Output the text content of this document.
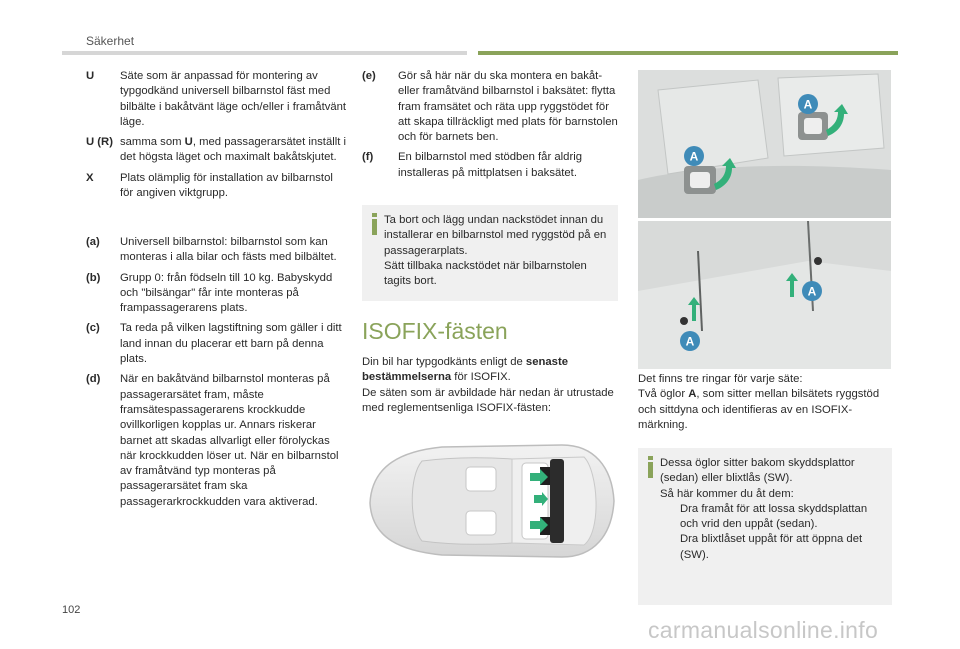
Säkerhet
U	Säte som är anpassad för montering av typgodkänd universell bilbarnstol fäst med bilbälte i bakåtvänt läge och/eller i framåtvänt läge.
U (R) samma som U, med passagerarsätet inställt i det högsta läget och maximalt bakåtskjutet.
X	Plats olämplig för installation av bilbarnstol för angiven viktgrupp.
(a)	Universell bilbarnstol: bilbarnstol som kan monteras i alla bilar och fästs med bilbältet.
(b)	Grupp 0: från födseln till 10 kg. Babyskydd och "bilsängar" får inte monteras på frampassagerarens plats.
(c)	Ta reda på vilken lagstiftning som gäller i ditt land innan du placerar ett barn på denna plats.
(d)	När en bakåtvänd bilbarnstol monteras på passagerarsätet fram, måste framsätespassagerarens krockkudde ovillkorligen kopplas ur. Annars riskerar barnet att skadas allvarligt eller förolyckas när krockkudden löser ut. När en bilbarnstol av framåtvänd typ monteras på passagerarsätet fram ska passagerarkrockkudden vara aktiverad.
(e)	Gör så här när du ska montera en bakåt- eller framåtvänd bilbarnstol i baksätet: flytta fram framsätet och räta upp ryggstödet för att skapa tillräckligt med plats för barnstolen och för barnets ben.
(f)	En bilbarnstol med stödben får aldrig installeras på mittplatsen i baksätet.
Ta bort och lägg undan nackstödet innan du installerar en bilbarnstol med ryggstöd på en passagerarplats.
Sätt tillbaka nackstödet när bilbarnstolen tagits bort.
ISOFIX-fästen
Din bil har typgodkänts enligt de senaste bestämmelserna för ISOFIX.
De säten som är avbildade här nedan är utrustade med reglementsenliga ISOFIX-fästen:
A
A
A
A
Det finns tre ringar för varje säte:
Två öglor A, som sitter mellan bilsätets ryggstöd och sittdyna och identifieras av en ISOFIX-märkning.
Dessa öglor sitter bakom skyddsplattor (sedan) eller blixtlås (SW).
Så här kommer du åt dem:
Dra framåt för att lossa skyddsplattan och vrid den uppåt (sedan).
Dra blixtlåset uppåt för att öppna det (SW).
102
carmanualsonline.info
